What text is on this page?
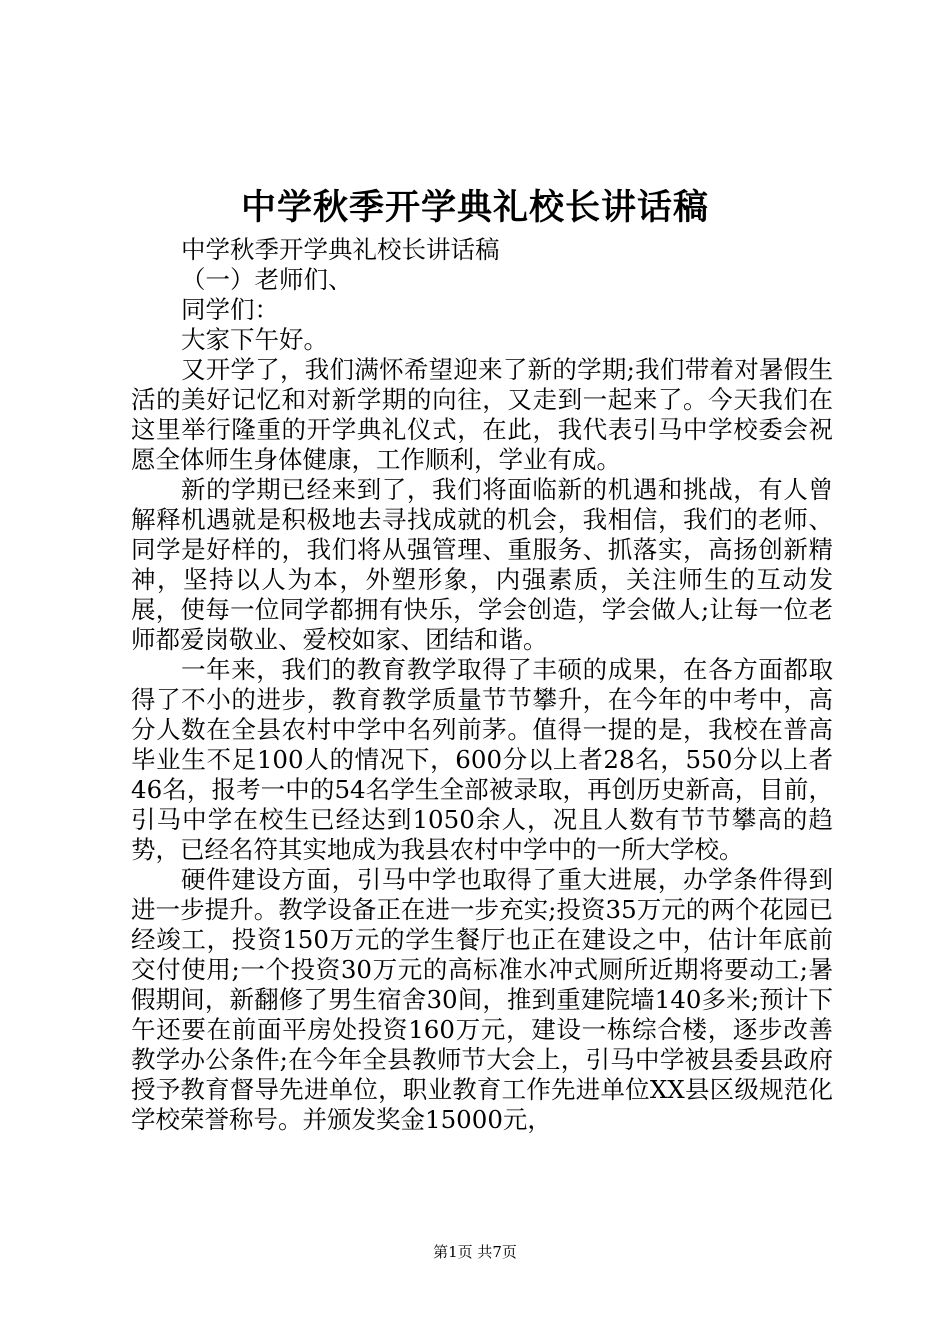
中学秋季开学典礼校长讲话稿

中学秋季开学典礼校长讲话稿

（一）老师们、

同学们：

大家下午好。

又开学了，我们满怀希望迎来了新的学期;我们带着对暑假生活的美好记忆和对新学期的向往，又走到一起来了。今天我们在这里举行隆重的开学典礼仪式，在此，我代表引马中学校委会祝愿全体师生身体健康，工作顺利，学业有成。

新的学期已经来到了，我们将面临新的机遇和挑战，有人曾解释机遇就是积极地去寻找成就的机会，我相信，我们的老师、同学是好样的，我们将从强管理、重服务、抓落实，高扬创新精神，坚持以人为本，外塑形象，内强素质，关注师生的互动发展，使每一位同学都拥有快乐，学会创造，学会做人;让每一位老师都爱岗敬业、爱校如家、团结和谐。

一年来，我们的教育教学取得了丰硕的成果，在各方面都取得了不小的进步，教育教学质量节节攀升，在今年的中考中，高分人数在全县农村中学中名列前茅。值得一提的是，我校在普高毕业生不足100人的情况下，600分以上者28名，550分以上者46名，报考一中的54名学生全部被录取，再创历史新高，目前，引马中学在校生已经达到1050余人，况且人数有节节攀高的趋势，已经名符其实地成为我县农村中学中的一所大学校。

硬件建设方面，引马中学也取得了重大进展，办学条件得到进一步提升。教学设备正在进一步充实;投资35万元的两个花园已经竣工，投资150万元的学生餐厅也正在建设之中，估计年底前交付使用;一个投资30万元的高标准水冲式厕所近期将要动工;暑假期间，新翻修了男生宿舍30间，推到重建院墙140多米;预计下午还要在前面平房处投资160万元，建设一栋综合楼，逐步改善教学办公条件;在今年全县教师节大会上，引马中学被县委县政府授予教育督导先进单位，职业教育工作先进单位XX县区级规范化学校荣誉称号。并颁发奖金15000元，

第1页 共7页
